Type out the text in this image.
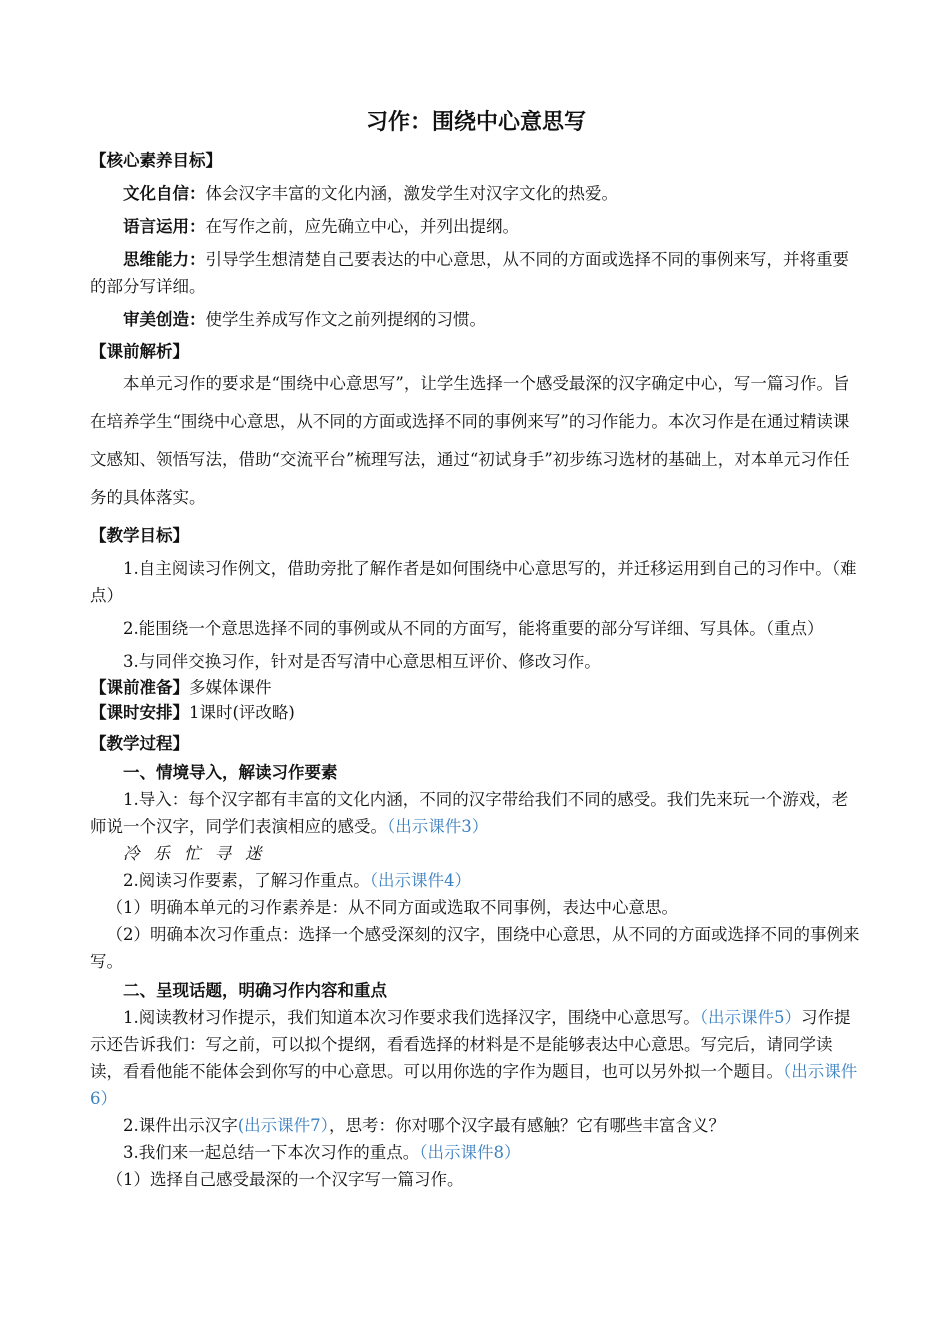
习作：围绕中心意思写
【核心素养目标】

文化自信：体会汉字丰富的文化内涵，激发学生对汉字文化的热爱。

语言运用：在写作之前，应先确立中心，并列出提纲。

思维能力：引导学生想清楚自己要表达的中心意思，从不同的方面或选择不同的事例来写，并将重要的部分写详细。

审美创造：使学生养成写作文之前列提纲的习惯。

【课前解析】

本单元习作的要求是“围绕中心意思写”，让学生选择一个感受最深的汉字确定中心，写一篇习作。旨在培养学生“围绕中心意思，从不同的方面或选择不同的事例来写”的习作能力。本次习作是在通过精读课文感知、领悟写法，借助“交流平台”梳理写法，通过“初试身手”初步练习选材的基础上，对本单元习作任务的具体落实。

【教学目标】

1.自主阅读习作例文，借助旁批了解作者是如何围绕中心意思写的，并迁移运用到自己的习作中。（难点）

2.能围绕一个意思选择不同的事例或从不同的方面写，能将重要的部分写详细、写具体。（重点）

3.与同伴交换习作，针对是否写清中心意思相互评价、修改习作。

【课前准备】多媒体课件

【课时安排】1课时(评改略)

【教学过程】

一、情境导入，解读习作要素

1.导入：每个汉字都有丰富的文化内涵，不同的汉字带给我们不同的感受。我们先来玩一个游戏，老师说一个汉字，同学们表演相应的感受。（出示课件3）

冷 乐 忙 寻 迷

2.阅读习作要素，了解习作重点。（出示课件4）

（1）明确本单元的习作素养是：从不同方面或选取不同事例，表达中心意思。

（2）明确本次习作重点：选择一个感受深刻的汉字，围绕中心意思，从不同的方面或选择不同的事例来写。

二、呈现话题，明确习作内容和重点

1.阅读教材习作提示，我们知道本次习作要求我们选择汉字，围绕中心意思写。（出示课件5）习作提示还告诉我们：写之前，可以拟个提纲，看看选择的材料是不是能够表达中心意思。写完后，请同学读读，看看他能不能体会到你写的中心意思。可以用你选的字作为题目，也可以另外拟一个题目。（出示课件6）

2.课件出示汉字(出示课件7），思考：你对哪个汉字最有感触？它有哪些丰富含义？

3.我们来一起总结一下本次习作的重点。（出示课件8）

（1）选择自己感受最深的一个汉字写一篇习作。
